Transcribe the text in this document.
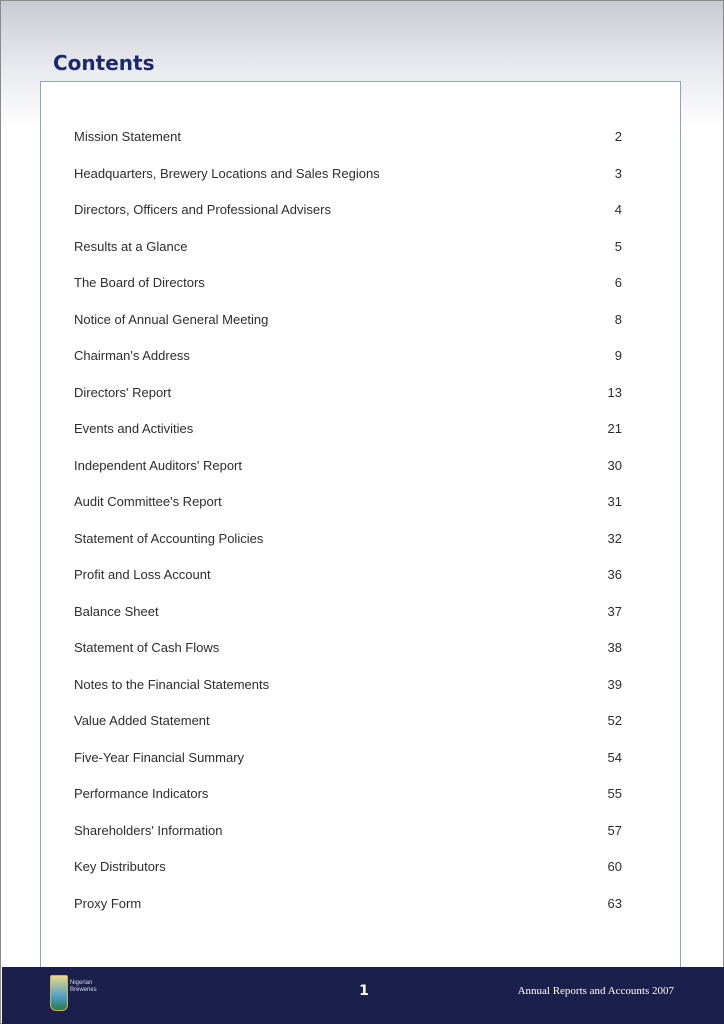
Contents
Mission Statement	2
Headquarters, Brewery Locations and Sales Regions	3
Directors, Officers and Professional Advisers	4
Results at a Glance	5
The Board of Directors	6
Notice of Annual General Meeting	8
Chairman's Address	9
Directors' Report	13
Events and Activities	21
Independent Auditors' Report	30
Audit Committee's Report	31
Statement of Accounting Policies	32
Profit and Loss Account	36
Balance Sheet	37
Statement of Cash Flows	38
Notes to the Financial Statements	39
Value Added Statement	52
Five-Year Financial Summary	54
Performance Indicators	55
Shareholders' Information	57
Key Distributors	60
Proxy Form	63
Nigerian Breweries	1	Annual Reports and Accounts 2007
